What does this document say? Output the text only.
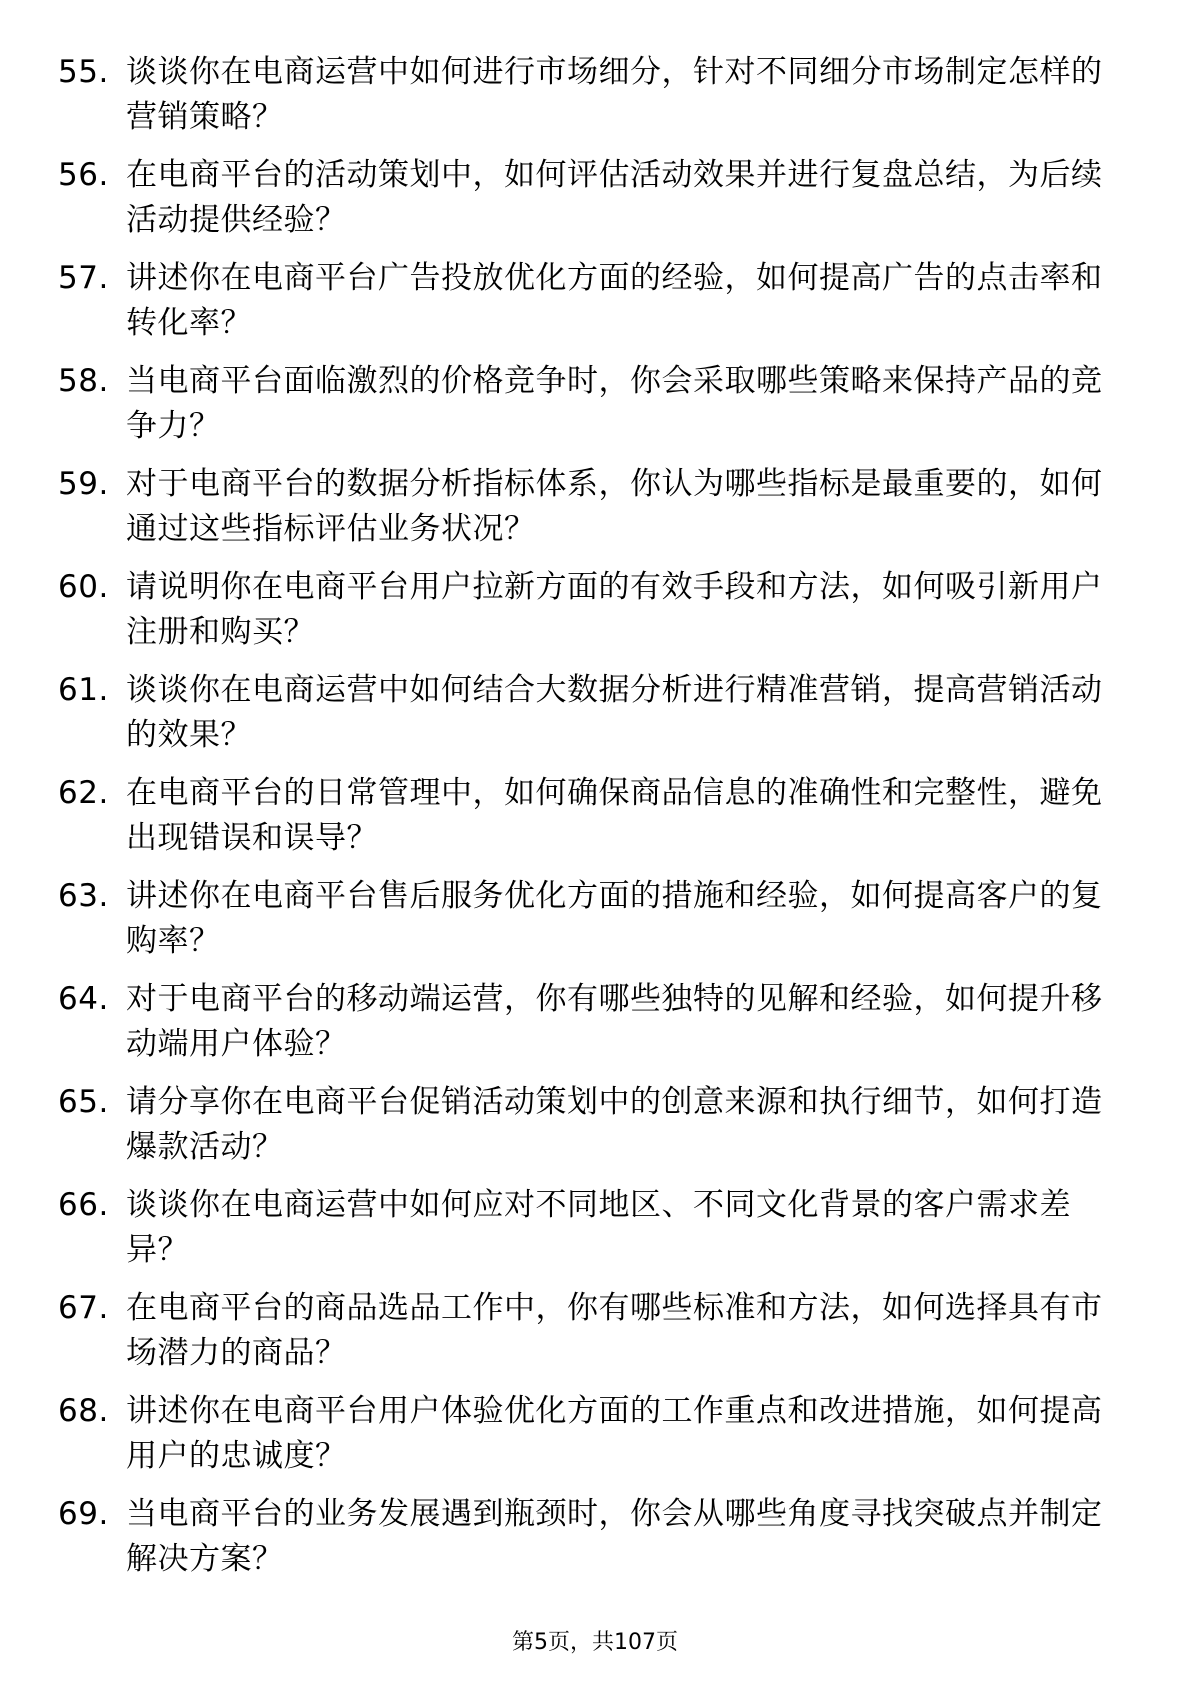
55. 谈谈你在电商运营中如何进行市场细分，针对不同细分市场制定怎样的营销策略？
56. 在电商平台的活动策划中，如何评估活动效果并进行复盘总结，为后续活动提供经验？
57. 讲述你在电商平台广告投放优化方面的经验，如何提高广告的点击率和转化率？
58. 当电商平台面临激烈的价格竞争时，你会采取哪些策略来保持产品的竞争力？
59. 对于电商平台的数据分析指标体系，你认为哪些指标是最重要的，如何通过这些指标评估业务状况？
60. 请说明你在电商平台用户拉新方面的有效手段和方法，如何吸引新用户注册和购买？
61. 谈谈你在电商运营中如何结合大数据分析进行精准营销，提高营销活动的效果？
62. 在电商平台的日常管理中，如何确保商品信息的准确性和完整性，避免出现错误和误导？
63. 讲述你在电商平台售后服务优化方面的措施和经验，如何提高客户的复购率？
64. 对于电商平台的移动端运营，你有哪些独特的见解和经验，如何提升移动端用户体验？
65. 请分享你在电商平台促销活动策划中的创意来源和执行细节，如何打造爆款活动？
66. 谈谈你在电商运营中如何应对不同地区、不同文化背景的客户需求差异？
67. 在电商平台的商品选品工作中，你有哪些标准和方法，如何选择具有市场潜力的商品？
68. 讲述你在电商平台用户体验优化方面的工作重点和改进措施，如何提高用户的忠诚度？
69. 当电商平台的业务发展遇到瓶颈时，你会从哪些角度寻找突破点并制定解决方案？
第5页，共107页
